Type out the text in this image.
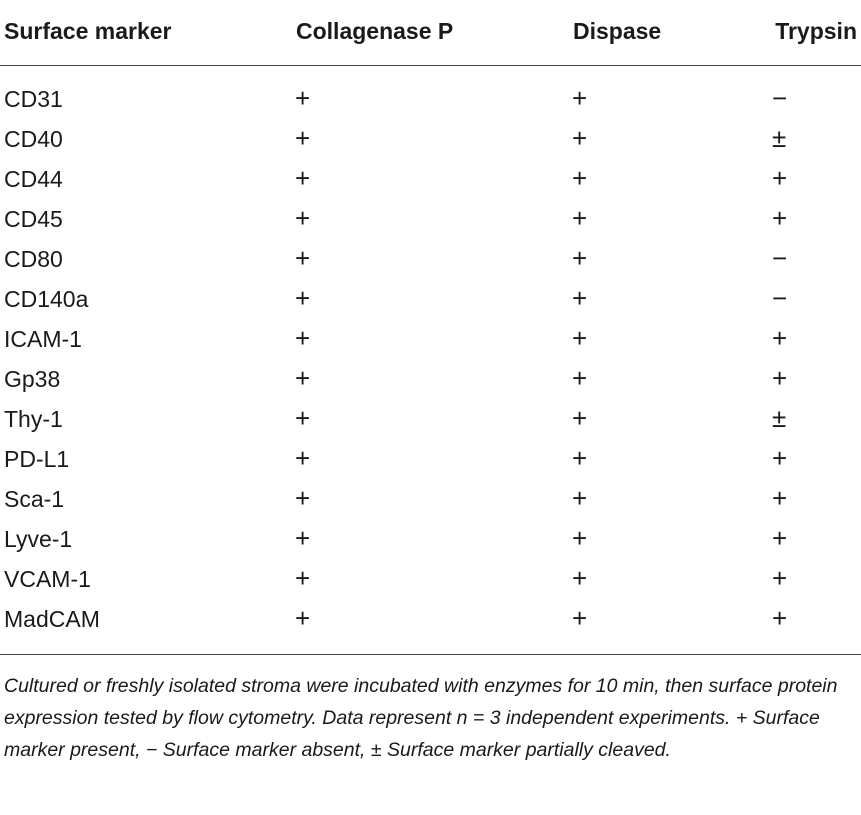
Surface marker	Collagenase P	Dispase	Trypsin
CD31	+	+	−
CD40	+	+	±
CD44	+	+	+
CD45	+	+	+
CD80	+	+	−
CD140a	+	+	−
ICAM-1	+	+	+
Gp38	+	+	+
Thy-1	+	+	±
PD-L1	+	+	+
Sca-1	+	+	+
Lyve-1	+	+	+
VCAM-1	+	+	+
MadCAM	+	+	+
Cultured or freshly isolated stroma were incubated with enzymes for 10 min, then surface protein expression tested by flow cytometry. Data represent n = 3 independent experiments. + Surface marker present, − Surface marker absent, ± Surface marker partially cleaved.
